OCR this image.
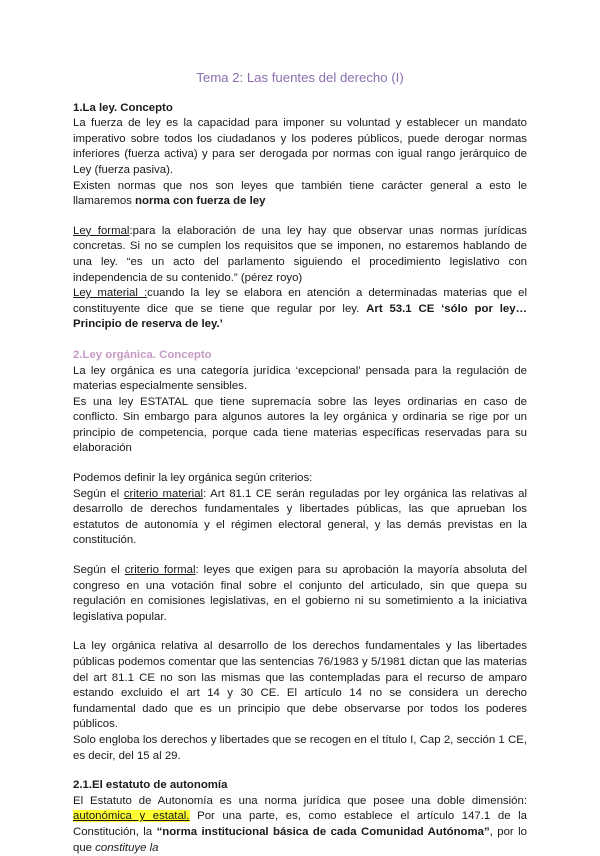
Tema 2: Las fuentes del derecho (I)

1.La ley. Concepto

La fuerza de ley es la capacidad para imponer su voluntad y establecer un mandato imperativo sobre todos los ciudadanos y los poderes públicos, puede derogar normas inferiores (fuerza activa) y para ser derogada por normas con igual rango jerárquico de Ley (fuerza pasiva).

Existen normas que nos son leyes que también tiene carácter general a esto le llamaremos norma con fuerza de ley

Ley formal:para la elaboración de una ley hay que observar unas normas jurídicas concretas. Si no se cumplen los requisitos que se imponen, no estaremos hablando de una ley. “es un acto del parlamento siguiendo el procedimiento legislativo con independencia de su contenido.” (pérez royo)

Ley material :cuando la ley se elabora en atención a determinadas materias que el constituyente dice que se tiene que regular por ley. Art 53.1 CE ‘sólo por ley… Principio de reserva de ley.’

2.Ley orgánica. Concepto

La ley orgánica es una categoría jurídica ‘excepcional’ pensada para la regulación de materias especialmente sensibles.

Es una ley ESTATAL que tiene supremacía sobre las leyes ordinarias en caso de conflicto. Sin embargo para algunos autores la ley orgánica y ordinaria se rige por un principio de competencia, porque cada tiene materias específicas reservadas para su elaboración

Podemos definir la ley orgánica según criterios:

Según el criterio material: Art 81.1 CE serán reguladas por ley orgánica las relativas al desarrollo de derechos fundamentales y libertades públicas, las que aprueban los estatutos de autonomía y el régimen electoral general, y las demás previstas en la constitución.

Según el criterio formal: leyes que exigen para su aprobación la mayoría absoluta del congreso en una votación final sobre el conjunto del articulado, sin que quepa su regulación en comisiones legislativas, en el gobierno ni su sometimiento a la iniciativa legislativa popular.

La ley orgánica relativa al desarrollo de los derechos fundamentales y las libertades públicas podemos comentar que las sentencias 76/1983 y 5/1981 dictan que las materias del art 81.1 CE no son las mismas que las contempladas para el recurso de amparo estando excluido el art 14 y 30 CE. El artículo 14 no se considera un derecho fundamental dado que es un principio que debe observarse por todos los poderes públicos.

Solo engloba los derechos y libertades que se recogen en el título I, Cap 2, sección 1 CE, es decir, del 15 al 29.

2.1.El estatuto de autonomía

El Estatuto de Autonomía es una norma jurídica que posee una doble dimensión: autonómica y estatal. Por una parte, es, como establece el artículo 147.1 de la Constitución, la “norma institucional básica de cada Comunidad Autónoma”, por lo que constituye la
